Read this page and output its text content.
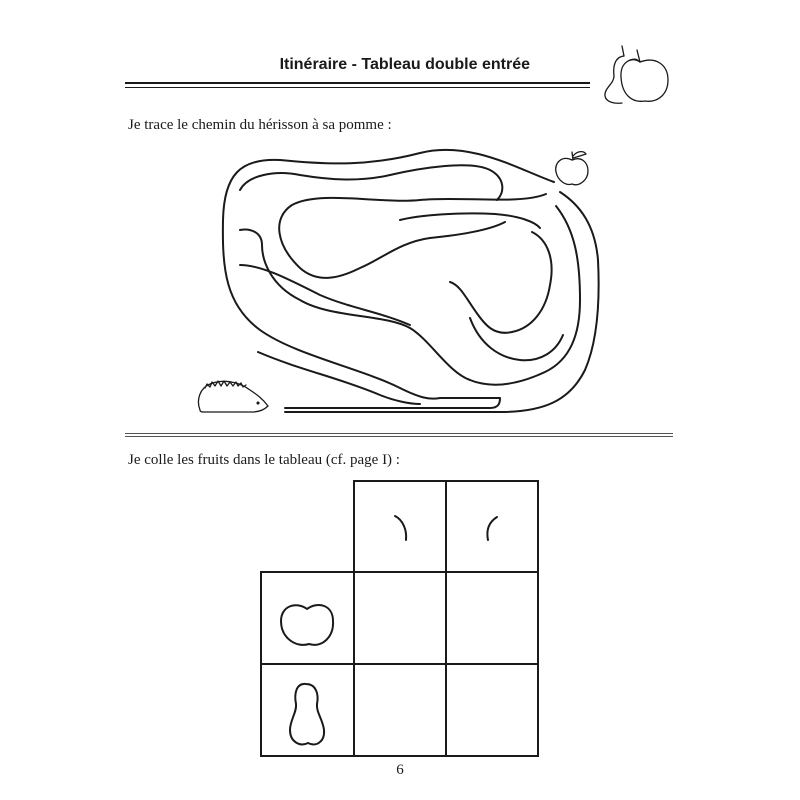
Itinéraire - Tableau double entrée
Je trace le chemin du hérisson à sa pomme :
Je colle les fruits dans le tableau (cf. page I) :
6
